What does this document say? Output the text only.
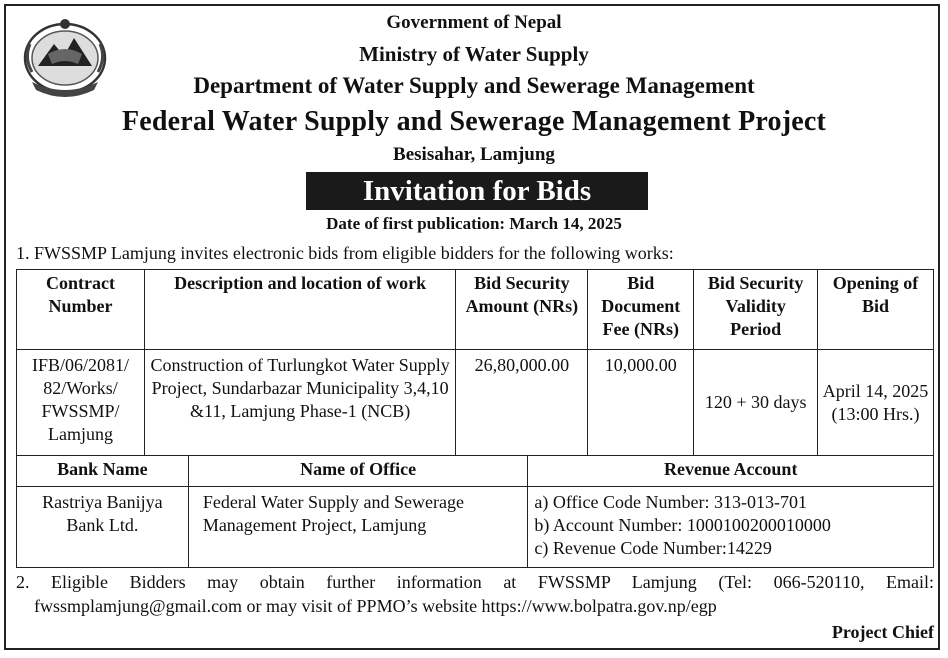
Government of Nepal
Ministry of Water Supply
Department of Water Supply and Sewerage Management
Federal Water Supply and Sewerage Management Project
Besisahar, Lamjung
Invitation for Bids
Date of first publication: March 14, 2025
1. FWSSMP Lamjung invites electronic bids from eligible bidders for the following works:
Contract Number	Description and location of work	Bid Security Amount (NRs)	Bid Document Fee (NRs)	Bid Security Validity Period	Opening of Bid
IFB/06/2081/ 82/Works/ FWSSMP/ Lamjung	Construction of Turlungkot Water Supply Project, Sundarbazar Municipality 3,4,10 &11, Lamjung Phase-1 (NCB)	26,80,000.00	10,000.00	120 + 30 days	April 14, 2025
(13:00 Hrs.)
Bank Name	Name of Office	Revenue Account
Rastriya Banijya Bank Ltd.	Federal Water Supply and Sewerage Management Project, Lamjung	a) Office Code Number: 313-013-701
b) Account Number: 1000100200010000
c) Revenue Code Number:14229
2. Eligible Bidders may obtain further information at FWSSMP Lamjung (Tel: 066-520110, Email:
fwssmplamjung@gmail.com or may visit of PPMO’s website https://www.bolpatra.gov.np/egp
Project Chief
